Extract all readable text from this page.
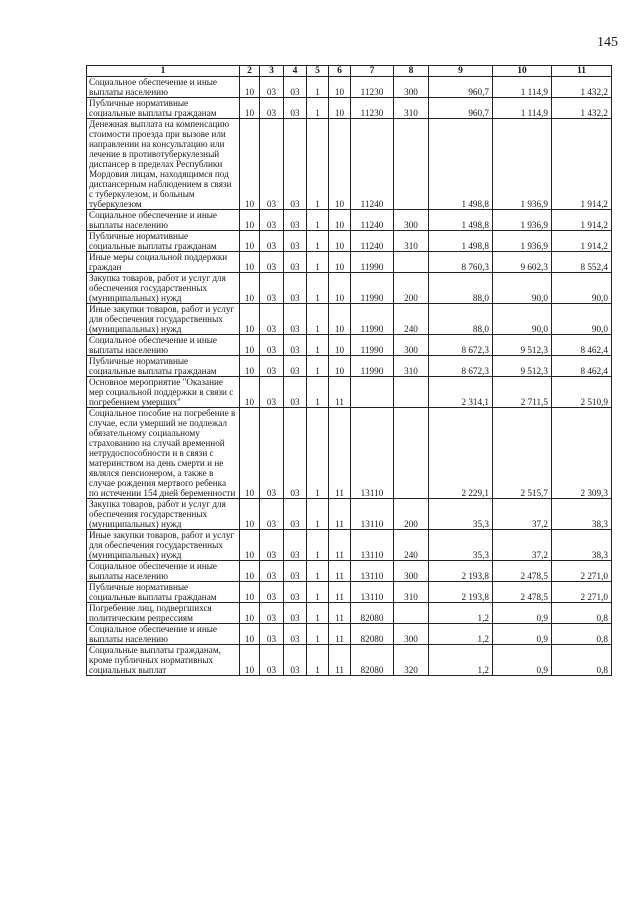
145
1	2	3	4	5	6	7	8	9	10	11
Социальное обеспечение и иные выплаты населению	10	03	03	1	10	11230	300	960,7	1 114,9	1 432,2
Публичные нормативные социальные выплаты гражданам	10	03	03	1	10	11230	310	960,7	1 114,9	1 432,2
Денежная выплата на компенсацию стоимости проезда при вызове или направлении на консультацию или лечение в противотуберкулезный диспансер в пределах Республики Мордовия лицам, находящимся под диспансерным наблюдением в связи с туберкулезом, и больным туберкулезом	10	03	03	1	10	11240		1 498,8	1 936,9	1 914,2
Социальное обеспечение и иные выплаты населению	10	03	03	1	10	11240	300	1 498,8	1 936,9	1 914,2
Публичные нормативные социальные выплаты гражданам	10	03	03	1	10	11240	310	1 498,8	1 936,9	1 914,2
Иные меры социальной поддержки граждан	10	03	03	1	10	11990		8 760,3	9 602,3	8 552,4
Закупка товаров, работ и услуг для обеспечения государственных (муниципальных) нужд	10	03	03	1	10	11990	200	88,0	90,0	90,0
Иные закупки товаров, работ и услуг для обеспечения государственных (муниципальных) нужд	10	03	03	1	10	11990	240	88,0	90,0	90,0
Социальное обеспечение и иные выплаты населению	10	03	03	1	10	11990	300	8 672,3	9 512,3	8 462,4
Публичные нормативные социальные выплаты гражданам	10	03	03	1	10	11990	310	8 672,3	9 512,3	8 462,4
Основное мероприятие "Оказание мер социальной поддержки в связи с погребением умерших"	10	03	03	1	11			2 314,1	2 711,5	2 510,9
Социальное пособие на погребение в случае, если умерший не подлежал обязательному социальному страхованию на случай временной нетрудоспособности и в связи с материнством на день смерти и не являлся пенсионером, а также в случае рождения мертвого ребенка по истечении 154 дней беременности	10	03	03	1	11	13110		2 229,1	2 515,7	2 309,3
Закупка товаров, работ и услуг для обеспечения государственных (муниципальных) нужд	10	03	03	1	11	13110	200	35,3	37,2	38,3
Иные закупки товаров, работ и услуг для обеспечения государственных (муниципальных) нужд	10	03	03	1	11	13110	240	35,3	37,2	38,3
Социальное обеспечение и иные выплаты населению	10	03	03	1	11	13110	300	2 193,8	2 478,5	2 271,0
Публичные нормативные социальные выплаты гражданам	10	03	03	1	11	13110	310	2 193,8	2 478,5	2 271,0
Погребение лиц, подвергшихся политическим репрессиям	10	03	03	1	11	82080		1,2	0,9	0,8
Социальное обеспечение и иные выплаты населению	10	03	03	1	11	82080	300	1,2	0,9	0,8
Социальные выплаты гражданам, кроме публичных нормативных социальных выплат	10	03	03	1	11	82080	320	1,2	0,9	0,8
